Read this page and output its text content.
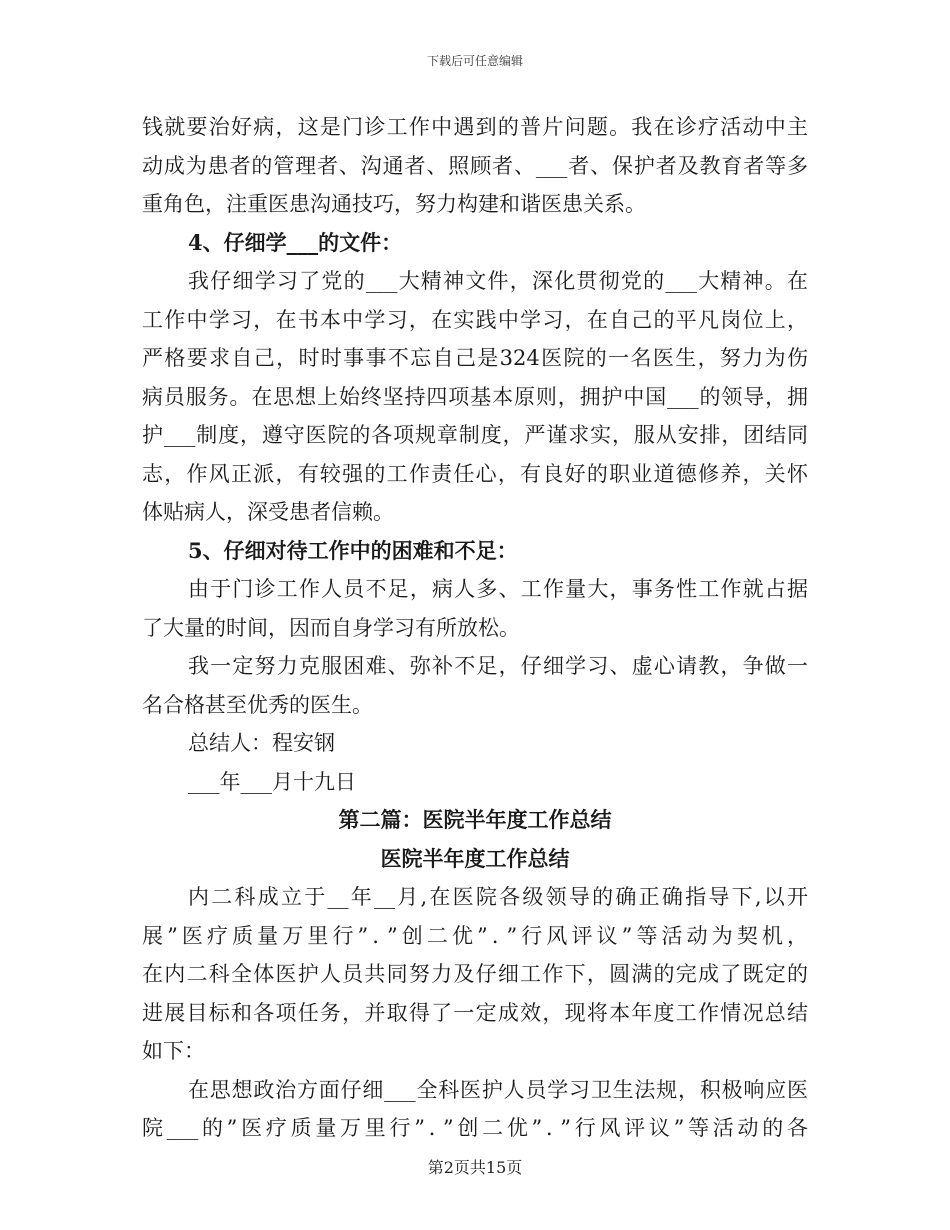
下载后可任意编辑
钱就要治好病，这是门诊工作中遇到的普片问题。我在诊疗活动中主
动成为患者的管理者、沟通者、照顾者、___者、保护者及教育者等多
重角色，注重医患沟通技巧，努力构建和谐医患关系。
4、仔细学___的文件：
我仔细学习了党的___大精神文件，深化贯彻党的___大精神。在
工作中学习，在书本中学习，在实践中学习，在自己的平凡岗位上，
严格要求自己，时时事事不忘自己是324医院的一名医生，努力为伤
病员服务。在思想上始终坚持四项基本原则，拥护中国___的领导，拥
护___制度，遵守医院的各项规章制度，严谨求实，服从安排，团结同
志，作风正派，有较强的工作责任心，有良好的职业道德修养，关怀
体贴病人，深受患者信赖。
5、仔细对待工作中的困难和不足：
由于门诊工作人员不足，病人多、工作量大，事务性工作就占据
了大量的时间，因而自身学习有所放松。
我一定努力克服困难、弥补不足，仔细学习、虚心请教，争做一
名合格甚至优秀的医生。
总结人：程安钢
___年___月十九日
第二篇：医院半年度工作总结
医院半年度工作总结
内二科成立于__年__月,在医院各级领导的确正确指导下,以开
展”医疗质量万里行”．”创二优”．”行风评议”等活动为契机，
在内二科全体医护人员共同努力及仔细工作下，圆满的完成了既定的
进展目标和各项任务，并取得了一定成效，现将本年度工作情况总结
如下：
在思想政治方面仔细___全科医护人员学习卫生法规，积极响应医
院___的”医疗质量万里行”．”创二优”．”行风评议”等活动的各
第2页共15页
